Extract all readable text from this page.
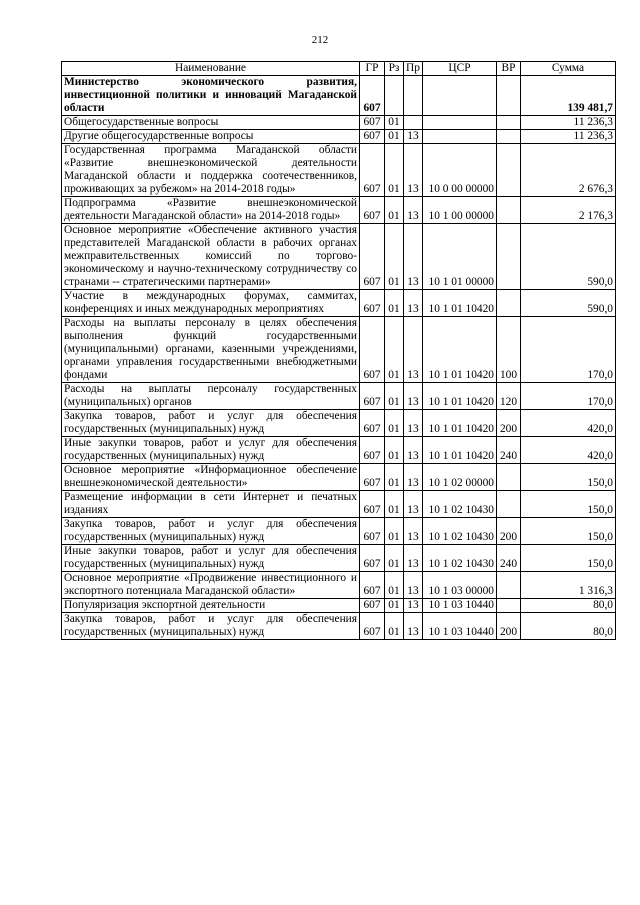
212
Наименование	ГР	Рз	Пр	ЦСР	ВР	Сумма
Министерство экономического развития, инвестиционной политики и инноваций Магаданской области	607					139 481,7
Общегосударственные вопросы	607	01				11 236,3
Другие общегосударственные вопросы	607	01	13			11 236,3
Государственная программа Магаданской области «Развитие внешнеэкономической деятельности Магаданской области и поддержка соотечественников, проживающих за рубежом» на 2014-2018 годы»	607	01	13	10 0 00 00000		2 676,3
Подпрограмма «Развитие внешнеэкономической деятельности Магаданской области» на 2014-2018 годы»	607	01	13	10 1 00 00000		2 176,3
Основное мероприятие «Обеспечение активного участия представителей Магаданской области в рабочих органах межправительственных комиссий по торгово-экономическому и научно-техническому сотрудничеству со странами -- стратегическими партнерами»	607	01	13	10 1 01 00000		590,0
Участие в международных форумах, саммитах, конференциях и иных международных мероприятиях	607	01	13	10 1 01 10420		590,0
Расходы на выплаты персоналу в целях обеспечения выполнения функций государственными (муниципальными) органами, казенными учреждениями, органами управления государственными внебюджетными фондами	607	01	13	10 1 01 10420	100	170,0
Расходы на выплаты персоналу государственных (муниципальных) органов	607	01	13	10 1 01 10420	120	170,0
Закупка товаров, работ и услуг для обеспечения государственных (муниципальных) нужд	607	01	13	10 1 01 10420	200	420,0
Иные закупки товаров, работ и услуг для обеспечения государственных (муниципальных) нужд	607	01	13	10 1 01 10420	240	420,0
Основное мероприятие «Информационное обеспечение внешнеэкономической деятельности»	607	01	13	10 1 02 00000		150,0
Размещение информации в сети Интернет и печатных изданиях	607	01	13	10 1 02 10430		150,0
Закупка товаров, работ и услуг для обеспечения государственных (муниципальных) нужд	607	01	13	10 1 02 10430	200	150,0
Иные закупки товаров, работ и услуг для обеспечения государственных (муниципальных) нужд	607	01	13	10 1 02 10430	240	150,0
Основное мероприятие «Продвижение инвестиционного и экспортного потенциала Магаданской области»	607	01	13	10 1 03 00000		1 316,3
Популяризация экспортной деятельности	607	01	13	10 1 03 10440		80,0
Закупка товаров, работ и услуг для обеспечения государственных (муниципальных) нужд	607	01	13	10 1 03 10440	200	80,0
